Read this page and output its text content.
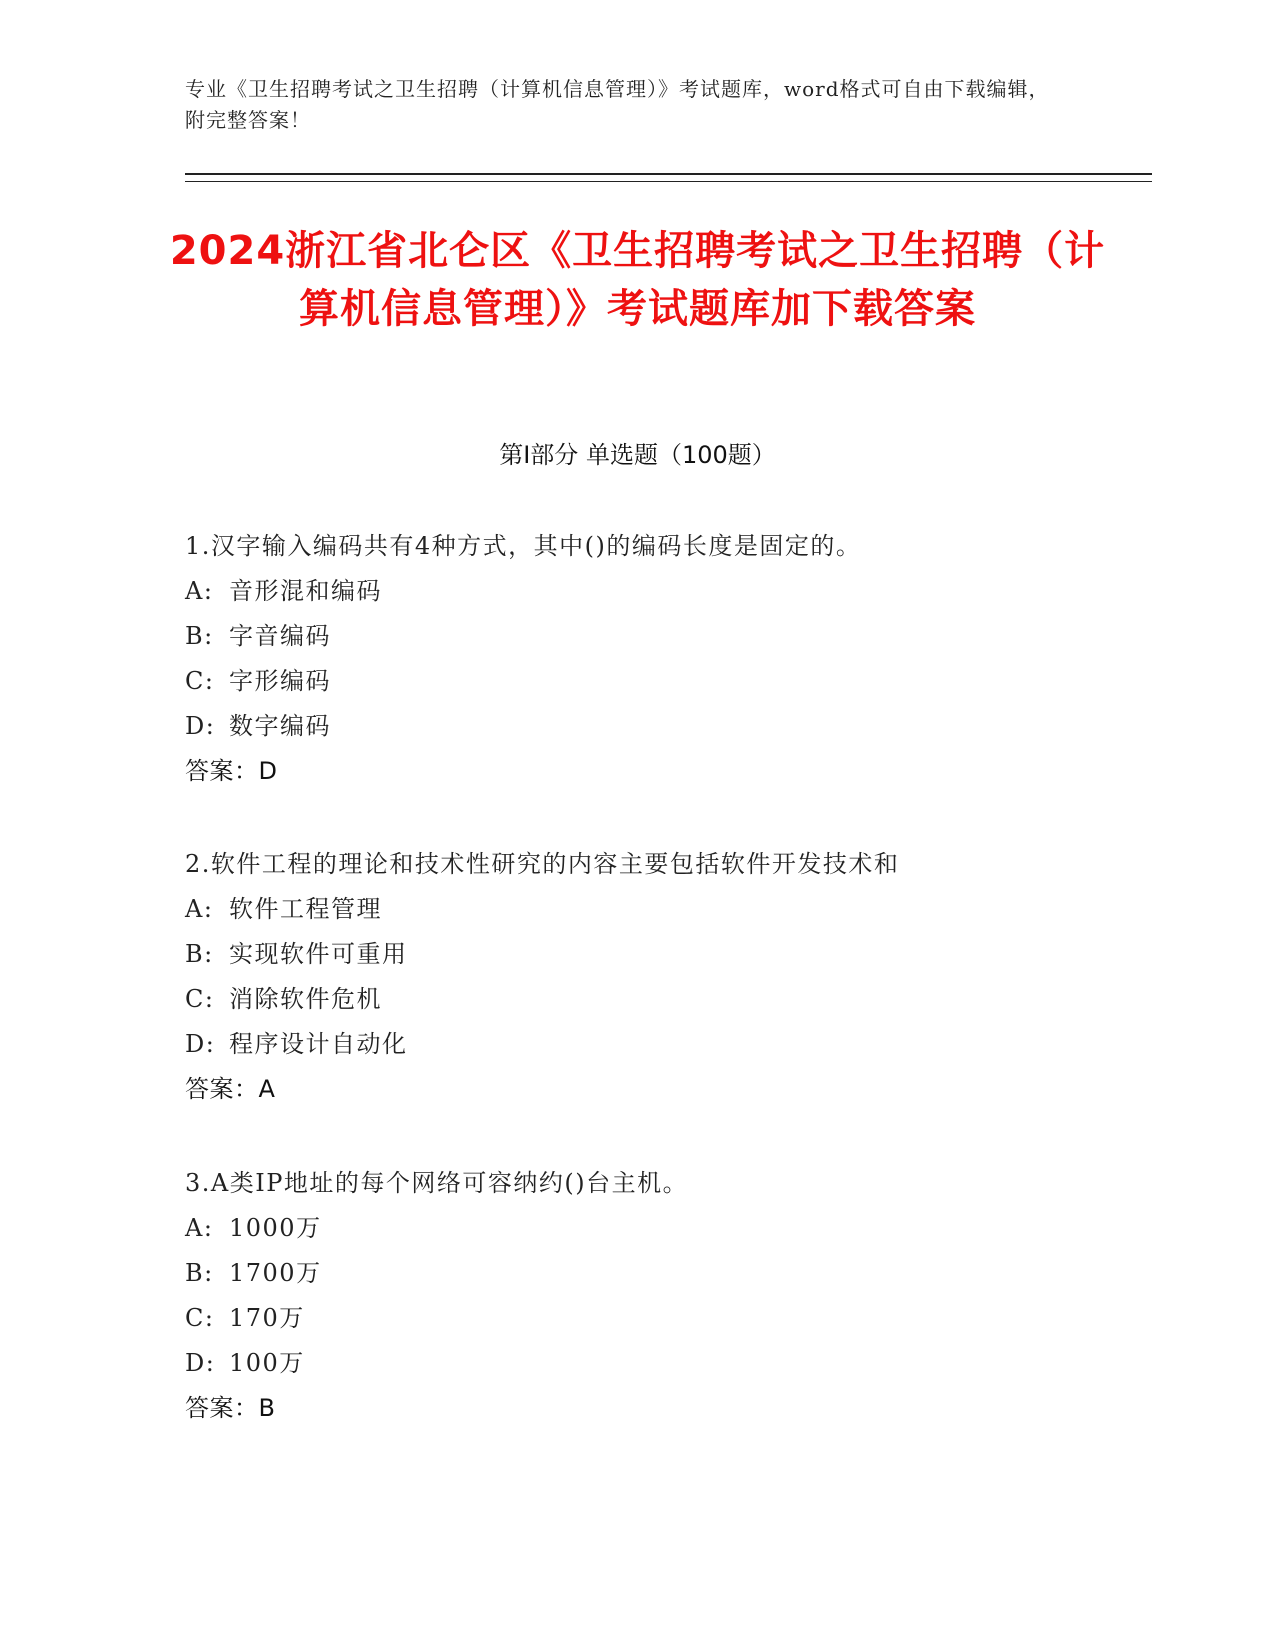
专业《卫生招聘考试之卫生招聘（计算机信息管理）》考试题库，word格式可自由下载编辑，附完整答案！
2024浙江省北仑区《卫生招聘考试之卫生招聘（计算机信息管理）》考试题库加下载答案
第Ⅰ部分 单选题（100题）
1.汉字输入编码共有4种方式，其中()的编码长度是固定的。
A: 音形混和编码
B: 字音编码
C: 字形编码
D: 数字编码
答案：D
2.软件工程的理论和技术性研究的内容主要包括软件开发技术和
A: 软件工程管理
B: 实现软件可重用
C: 消除软件危机
D: 程序设计自动化
答案：A
3.A类IP地址的每个网络可容纳约()台主机。
A: 1000万
B: 1700万
C: 170万
D: 100万
答案：B
